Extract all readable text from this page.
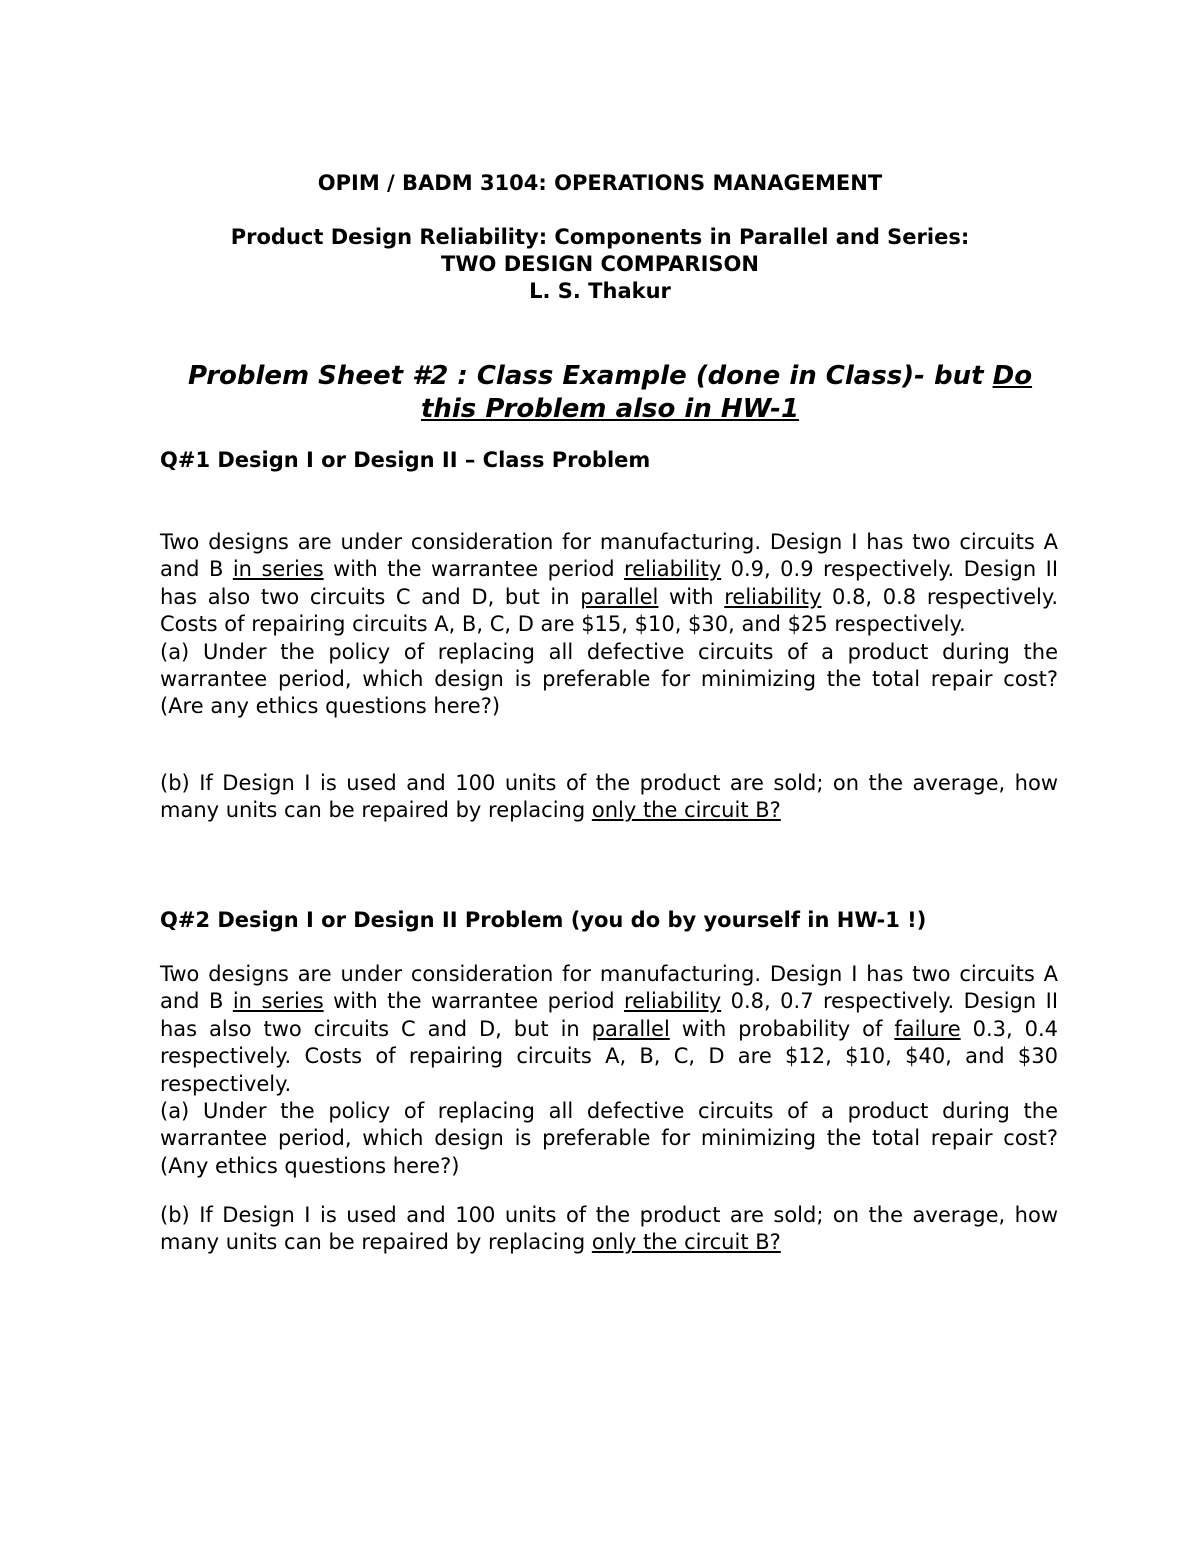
OPIM / BADM 3104: OPERATIONS MANAGEMENT
Product Design Reliability: Components in Parallel and Series:
TWO DESIGN COMPARISON
L. S. Thakur
Problem Sheet #2 : Class Example (done in Class)- but Do this Problem also in HW-1
Q#1 Design I or Design II – Class Problem

Two designs are under consideration for manufacturing. Design I has two circuits A and B in series with the warrantee period reliability 0.9, 0.9 respectively. Design II has also two circuits C and D, but in parallel with reliability 0.8, 0.8 respectively. Costs of repairing circuits A, B, C, D are $15, $10, $30, and $25 respectively.

(a) Under the policy of replacing all defective circuits of a product during the warrantee period, which design is preferable for minimizing the total repair cost? (Are any ethics questions here?)

(b) If Design I is used and 100 units of the product are sold; on the average, how many units can be repaired by replacing only the circuit B?

Q#2 Design I or Design II Problem (you do by yourself in HW-1 !)

Two designs are under consideration for manufacturing. Design I has two circuits A and B in series with the warrantee period reliability 0.8, 0.7 respectively. Design II has also two circuits C and D, but in parallel with probability of failure 0.3, 0.4 respectively. Costs of repairing circuits A, B, C, D are $12, $10, $40, and $30 respectively.

(a) Under the policy of replacing all defective circuits of a product during the warrantee period, which design is preferable for minimizing the total repair cost? (Any ethics questions here?)

(b) If Design I is used and 100 units of the product are sold; on the average, how many units can be repaired by replacing only the circuit B?
